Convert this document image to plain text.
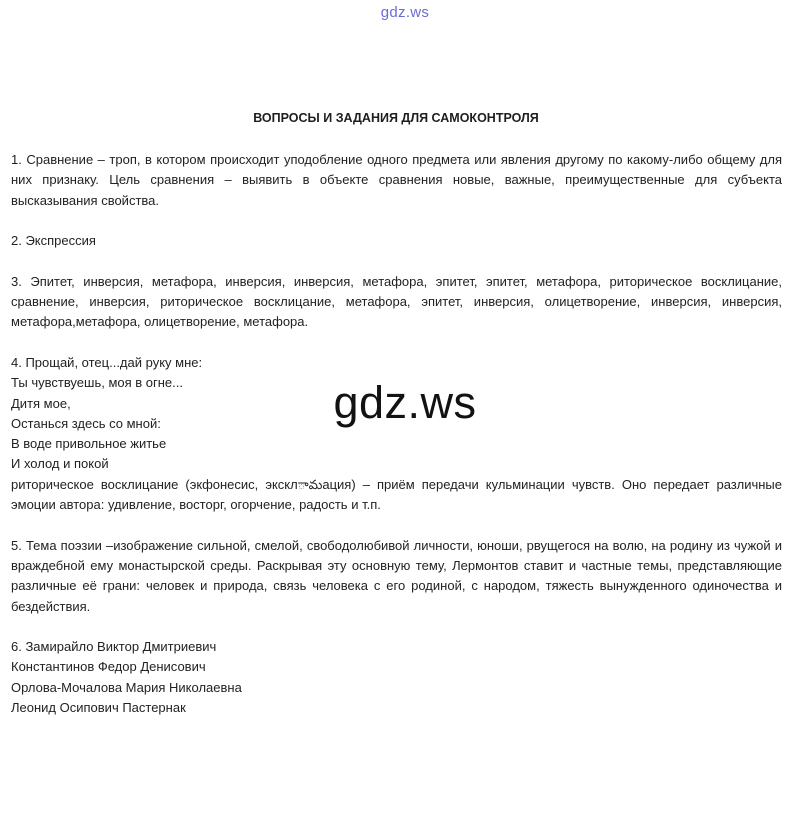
gdz.ws
ВОПРОСЫ И ЗАДАНИЯ ДЛЯ САМОКОНТРОЛЯ

1. Сравнение – троп, в котором происходит уподобление одного предмета или явления другому по какому-либо общему для них признаку. Цель сравнения – выявить в объекте сравнения новые, важные, преимущественные для субъекта высказывания свойства.

2. Экспрессия

3. Эпитет, инверсия, метафора, инверсия, инверсия, метафора, эпитет, эпитет, метафора, риторическое восклицание, сравнение, инверсия, риторическое восклицание, метафора, эпитет, инверсия, олицетворение, инверсия, инверсия, метафора,метафора, олицетворение, метафора.

4. Прощай, отец...дай руку мне:
Ты чувствуешь, моя в огне...
Дитя мое,
Останься здесь со мной:
В воде привольное житье
И холод и покой

риторическое восклицание (экфонесис, эксклామация) – приём передачи кульминации чувств. Оно передает различные эмоции автора: удивление, восторг, огорчение, радость и т.п.

5. Тема поэзии –изображение сильной, смелой, свободолюбивой личности, юноши, рвущегося на волю, на родину из чужой и враждебной ему монастырской среды. Раскрывая эту основную тему, Лермонтов ставит и частные темы, представляющие различные её грани: человек и природа, связь человека с его родиной, с народом, тяжесть вынужденного одиночества и бездействия.

6. Замирайло Виктор Дмитриевич
Константинов Федор Денисович
Орлова-Мочалова Мария Николаевна
Леонид Осипович Пастернак
gdz.ws
